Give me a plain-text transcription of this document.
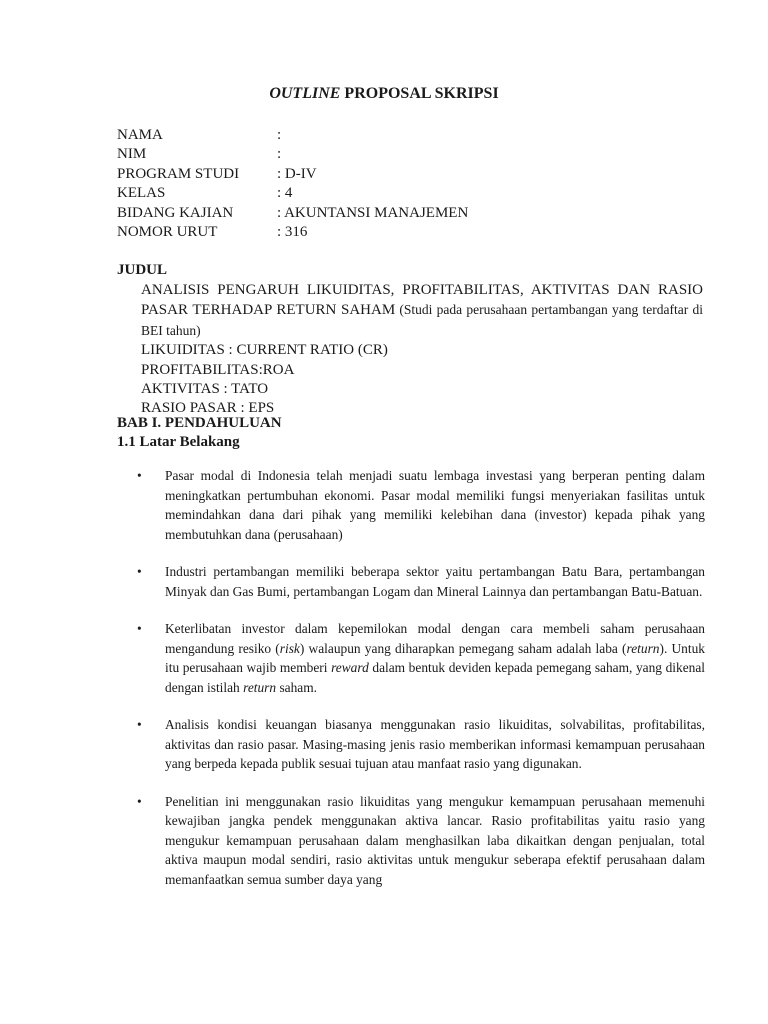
OUTLINE PROPOSAL SKRIPSI
NAMA	:
NIM	:
PROGRAM STUDI	: D-IV
KELAS	: 4
BIDANG KAJIAN	: AKUNTANSI MANAJEMEN
NOMOR URUT	: 316
JUDUL

ANALISIS PENGARUH LIKUIDITAS, PROFITABILITAS, AKTIVITAS DAN RASIO PASAR TERHADAP RETURN SAHAM (Studi pada perusahaan pertambangan yang terdaftar di BEI tahun)

LIKUIDITAS : CURRENT RATIO (CR)

PROFITABILITAS:ROA

AKTIVITAS : TATO

RASIO PASAR : EPS

BAB I. PENDAHULUAN

1.1 Latar Belakang

• Pasar modal di Indonesia telah menjadi suatu lembaga investasi yang berperan penting dalam meningkatkan pertumbuhan ekonomi. Pasar modal memiliki fungsi menyeriakan fasilitas untuk memindahkan dana dari pihak yang memiliki kelebihan dana (investor) kepada pihak yang membutuhkan dana (perusahaan)
• Industri pertambangan memiliki beberapa sektor yaitu pertambangan Batu Bara, pertambangan Minyak dan Gas Bumi, pertambangan Logam dan Mineral Lainnya dan pertambangan Batu-Batuan.
• Keterlibatan investor dalam kepemilokan modal dengan cara membeli saham perusahaan mengandung resiko (risk) walaupun yang diharapkan pemegang saham adalah laba (return). Untuk itu perusahaan wajib memberi reward dalam bentuk deviden kepada pemegang saham, yang dikenal dengan istilah return saham.
• Analisis kondisi keuangan biasanya menggunakan rasio likuiditas, solvabilitas, profitabilitas, aktivitas dan rasio pasar. Masing-masing jenis rasio memberikan informasi kemampuan perusahaan yang berpeda kepada publik sesuai tujuan atau manfaat rasio yang digunakan.
• Penelitian ini menggunakan rasio likuiditas yang mengukur kemampuan perusahaan memenuhi kewajiban jangka pendek menggunakan aktiva lancar. Rasio profitabilitas yaitu rasio yang mengukur kemampuan perusahaan dalam menghasilkan laba dikaitkan dengan penjualan, total aktiva maupun modal sendiri, rasio aktivitas untuk mengukur seberapa efektif perusahaan dalam memanfaatkan semua sumber daya yang
